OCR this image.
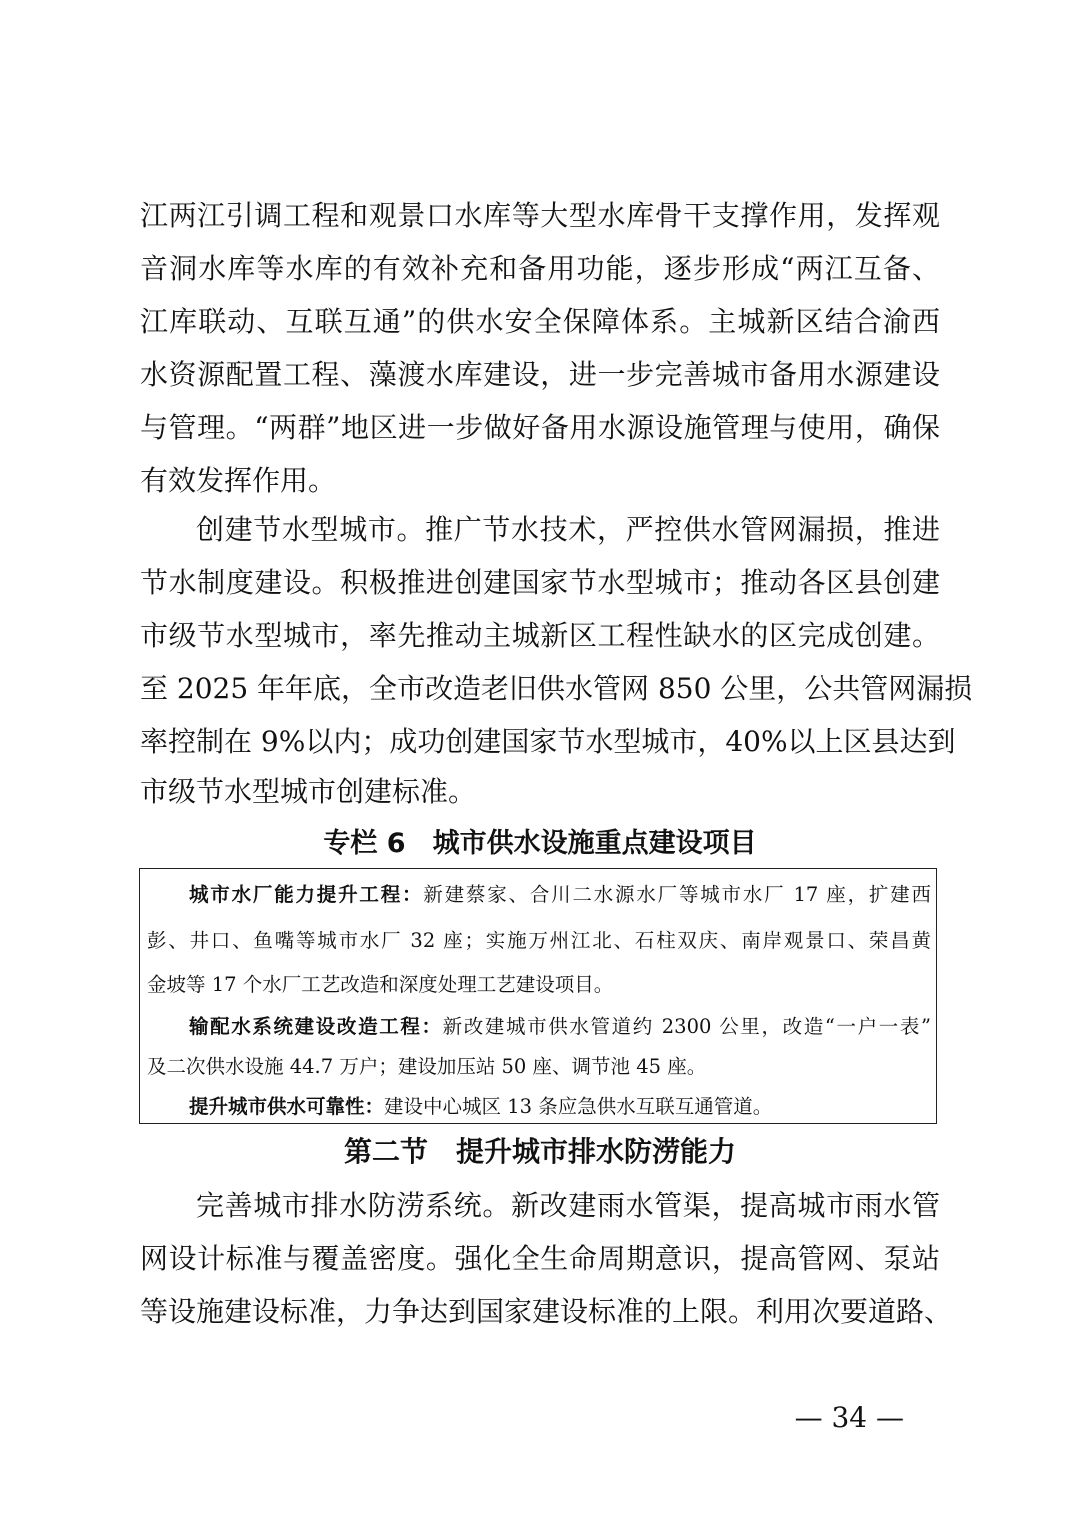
江两江引调工程和观景口水库等大型水库骨干支撑作用，发挥观
音洞水库等水库的有效补充和备用功能，逐步形成“两江互备、
江库联动、互联互通”的供水安全保障体系。主城新区结合渝西
水资源配置工程、藻渡水库建设，进一步完善城市备用水源建设
与管理。“两群”地区进一步做好备用水源设施管理与使用，确保
有效发挥作用。
创建节水型城市。推广节水技术，严控供水管网漏损，推进
节水制度建设。积极推进创建国家节水型城市；推动各区县创建
市级节水型城市，率先推动主城新区工程性缺水的区完成创建。
至 2025 年年底，全市改造老旧供水管网 850 公里，公共管网漏损
率控制在 9%以内；成功创建国家节水型城市，40%以上区县达到
市级节水型城市创建标准。
专栏 6　城市供水设施重点建设项目
城市水厂能力提升工程：新建蔡家、合川二水源水厂等城市水厂 17 座，扩建西
彭、井口、鱼嘴等城市水厂 32 座；实施万州江北、石柱双庆、南岸观景口、荣昌黄
金坡等 17 个水厂工艺改造和深度处理工艺建设项目。
输配水系统建设改造工程：新改建城市供水管道约 2300 公里，改造“一户一表”
及二次供水设施 44.7 万户；建设加压站 50 座、调节池 45 座。
提升城市供水可靠性：建设中心城区 13 条应急供水互联互通管道。
第二节　提升城市排水防涝能力
完善城市排水防涝系统。新改建雨水管渠，提高城市雨水管
网设计标准与覆盖密度。强化全生命周期意识，提高管网、泵站
等设施建设标准，力争达到国家建设标准的上限。利用次要道路、
— 34 —
